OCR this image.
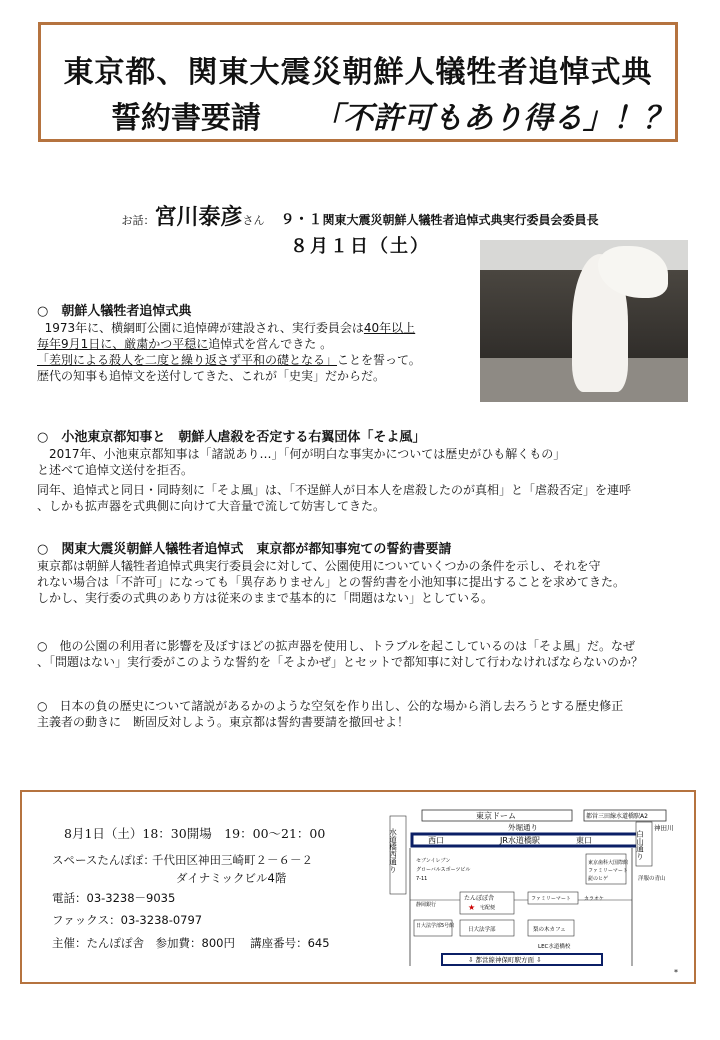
東京都、関東大震災朝鮮人犠牲者追悼式典
誓約書要請 「不許可もあり得る」！？
お話：宮川泰彦さん ９・１関東大震災朝鮮人犠牲者追悼式典実行委員会委員長
８月１日（土）
○　朝鮮人犠牲者追悼式典
1973年に、横網町公園に追悼碑が建設され、実行委員会は40年以上
毎年9月1日に、厳粛かつ平穏に追悼式を営んできた 。
「差別による殺人を二度と繰り返さず平和の礎となる」ことを誓って。
歴代の知事も追悼文を送付してきた、これが「史実」だからだ。
○　小池東京都知事と　朝鮮人虐殺を否定する右翼団体「そよ風」
2017年、小池東京都知事は「諸説あり…」「何が明白な事実かについては歴史がひも解くもの」
と述べて追悼文送付を拒否。
同年、追悼式と同日・同時刻に「そよ風」は、「不逞鮮人が日本人を虐殺したのが真相」と「虐殺否定」を連呼
、しかも拡声器を式典側に向けて大音量で流して妨害してきた。
○　関東大震災朝鮮人犠牲者追悼式　東京都が都知事宛ての誓約書要請
東京都は朝鮮人犠牲者追悼式典実行委員会に対して、公園使用についていくつかの条件を示し、それを守
れない場合は「不許可」になっても「異存ありません」との誓約書を小池知事に提出することを求めてきた。
しかし、実行委の式典のあり方は従来のままで基本的に「問題はない」としている。
○　他の公園の利用者に影響を及ぼすほどの拡声器を使用し、トラブルを起こしているのは「そよ風」だ。なぜ
、「問題はない」実行委がこのような誓約を「そよかぜ」とセットで都知事に対して行わなければならないのか？
○　日本の負の歴史について諸説があるかのような空気を作り出し、公的な場から消し去ろうとする歴史修正
主義者の動きに　断固反対しよう。東京都は誓約書要請を撤回せよ！
8月1日（土）18：30開場　19：00～21：00
スペースたんぽぽ：
千代田区神田三崎町２－６－２
ダイナミックビル4階
電話：03-3238－9035
ファックス：03-3238-0797
主催：たんぽぽ舎　参加費：800円　 講座番号：645
東京ドーム	都営三田線水道橋駅A2
外堀通り
西口	JR水道橋駅	東口
水道橋西通り	白山通り
神田川
セブンイレブン
グローバルスポーツビル
7-11
静岡銀行
たんぽぽ舎
宅配便
★
ファミリーマート	カラオケ
東京歯科大国際館
ファミリーマート
髭のヒゲ	洋服の青山
日大法学部5号館
日大法学部	梨の木カフェ
LEC水道橋校
⇩ 都営線神保町駅方面 ⇩
*
